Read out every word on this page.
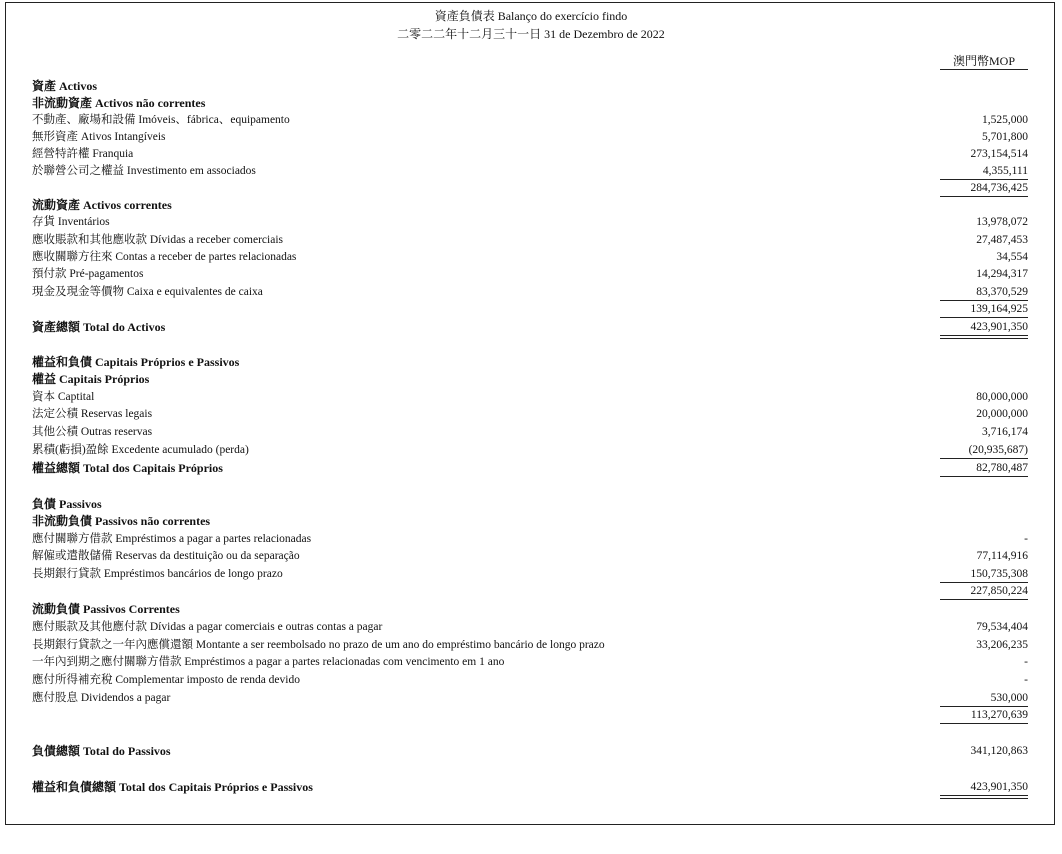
資產負債表 Balanço do exercício findo
二零二二年十二月三十一日 31 de Dezembro de 2022
澳門幣MOP
資產 Activos
非流動資產 Activos não correntes
不動產、廠場和設備 Imóveis、fábrica、equipamento	1,525,000
無形資產 Ativos Intangíveis	5,701,800
經營特許權 Franquia	273,154,514
於聯營公司之權益 Investimento em associados	4,355,111
284,736,425
流動資產 Activos correntes
存貨 Inventários	13,978,072
應收賬款和其他應收款 Dívidas a receber comerciais	27,487,453
應收關聯方往來 Contas a receber de partes relacionadas	34,554
預付款 Pré-pagamentos	14,294,317
現金及現金等價物 Caixa e equivalentes de caixa	83,370,529
139,164,925
資產總額 Total do Activos	423,901,350
權益和負債 Capitais Próprios e Passivos
權益 Capitais Próprios
資本 Captital	80,000,000
法定公積 Reservas legais	20,000,000
其他公積 Outras reservas	3,716,174
累積(虧損)盈餘 Excedente acumulado (perda)	(20,935,687)
權益總額 Total dos Capitais Próprios	82,780,487
負債 Passivos
非流動負債 Passivos não correntes
應付關聯方借款 Empréstimos a pagar a partes relacionadas	-
解僱或遣散儲備 Reservas da destituição ou da separação	77,114,916
長期銀行貸款 Empréstimos bancários de longo prazo	150,735,308
227,850,224
流動負債 Passivos Correntes
應付賬款及其他應付款 Dívidas a pagar comerciais e outras contas a pagar	79,534,404
長期銀行貸款之一年內應償還額 Montante a ser reembolsado no prazo de um ano do empréstimo bancário de longo prazo	33,206,235
一年內到期之應付關聯方借款 Empréstimos a pagar a partes relacionadas com vencimento em 1 ano	-
應付所得補充稅 Complementar imposto de renda devido	-
應付股息 Dividendos a pagar	530,000
113,270,639
負債總額 Total do Passivos	341,120,863
權益和負債總額 Total dos Capitais Próprios e Passivos	423,901,350
